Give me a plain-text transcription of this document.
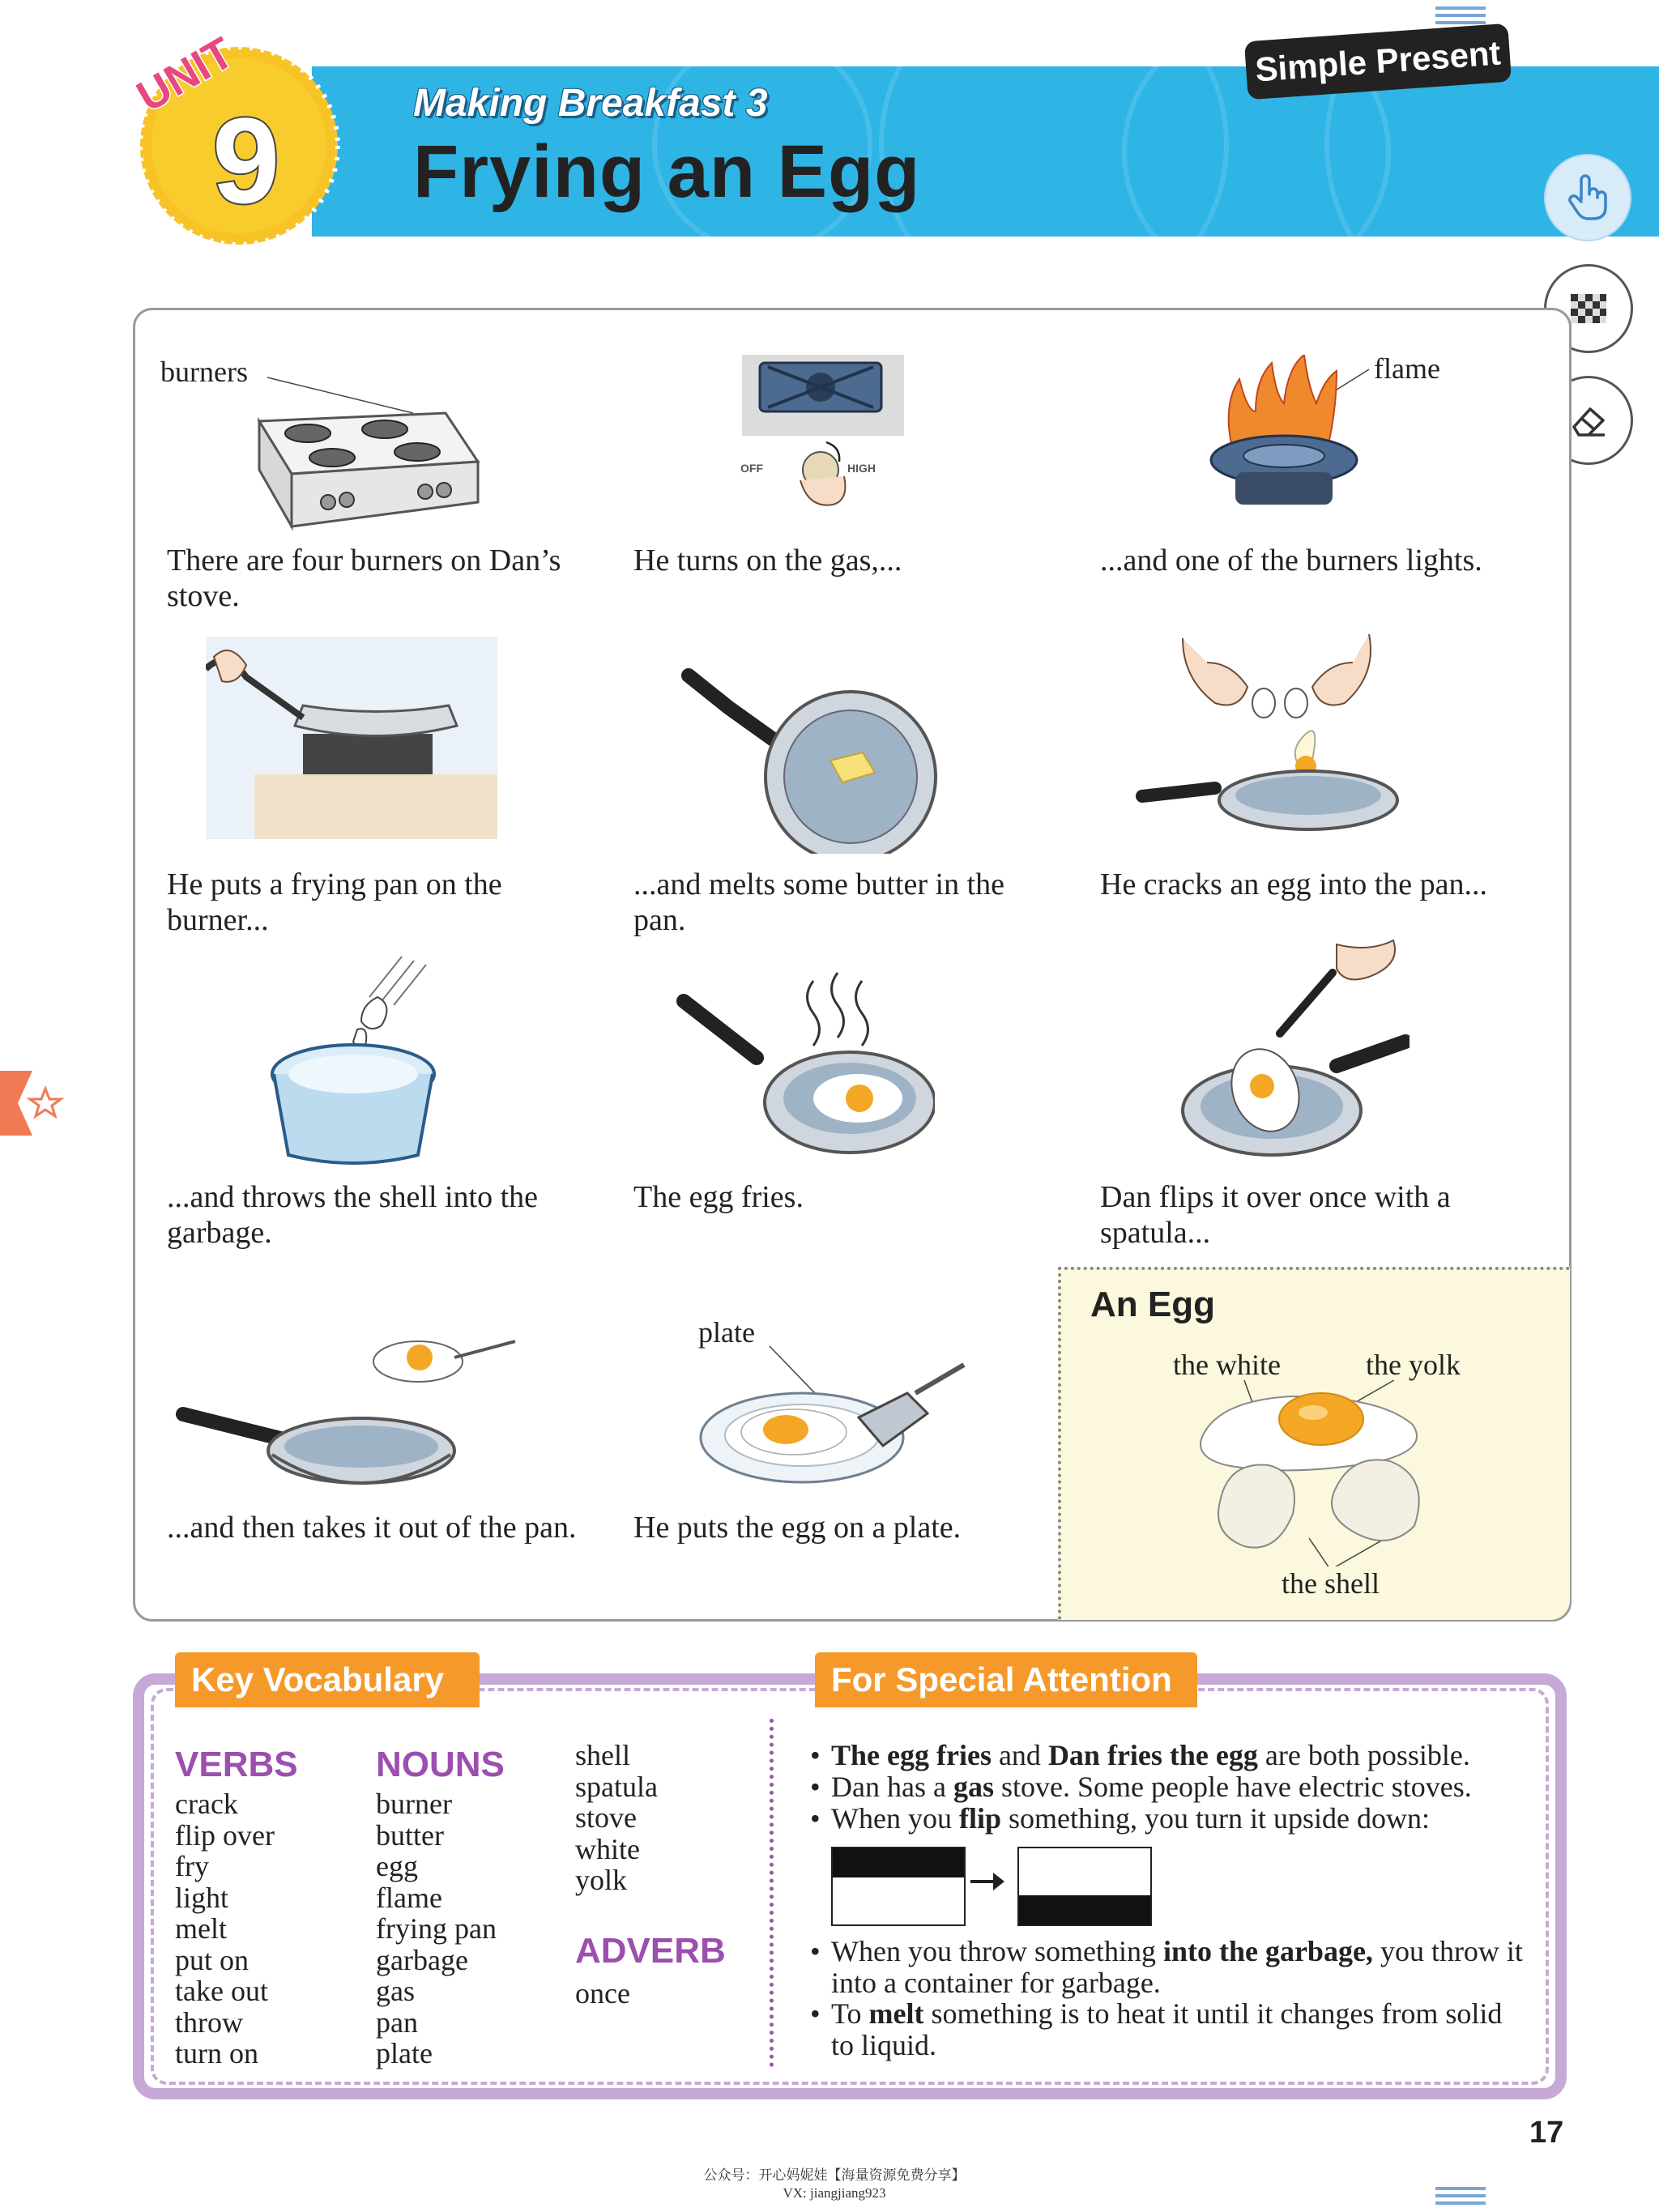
UNIT
9	Making Breakfast 3
Frying an Egg
Simple Present
burners
There are four burners on Dan’s stove.
OFF	HIGH
He turns on the gas,...
flame
...and one of the burners lights.
He puts a frying pan on the burner...
...and melts some butter in the pan.
He cracks an egg into the pan...
...and throws the shell into the garbage.
The egg fries.	Dan flips it over once with a spatula...
...and then takes it out of the pan.
plate
He puts the egg on a plate.
An Egg
the white	the yolk
the shell
Key Vocabulary	For Special Attention
VERBS
crack
flip over
fry
light
melt
put on
take out
throw
turn on
NOUNS
burner
butter
egg
flame
frying pan
garbage
gas
pan
plate
shell
spatula
stove
white
yolk
ADVERB
once
• The egg fries and Dan fries the egg are both possible.
• Dan has a gas stove. Some people have electric stoves.
• When you flip something, you turn it upside down:
• When you throw something into the garbage, you throw it into a container for garbage.
• To melt something is to heat it until it changes from solid to liquid.
17
公众号：开心妈妮娃【海量资源免费分享】
VX: jiangjiang923
